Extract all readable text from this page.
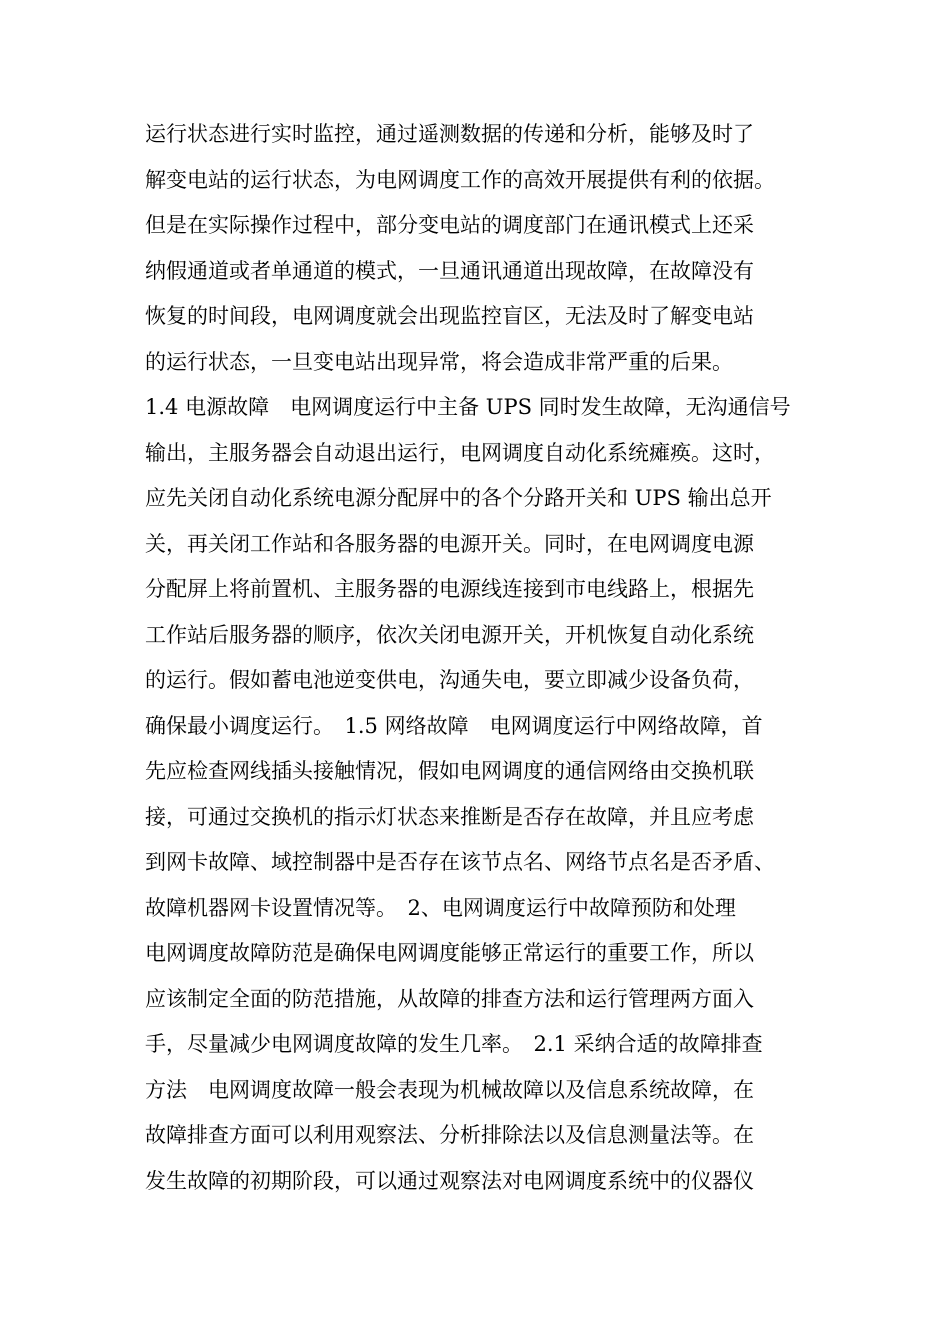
运行状态进行实时监控，通过遥测数据的传递和分析，能够及时了
解变电站的运行状态，为电网调度工作的高效开展提供有利的依据。
但是在实际操作过程中，部分变电站的调度部门在通讯模式上还采
纳假通道或者单通道的模式，一旦通讯通道出现故障，在故障没有
恢复的时间段，电网调度就会出现监控盲区，无法及时了解变电站
的运行状态，一旦变电站出现异常，将会造成非常严重的后果。
1.4 电源故障　电网调度运行中主备 UPS 同时发生故障，无沟通信号
输出，主服务器会自动退出运行，电网调度自动化系统瘫痪。这时，
应先关闭自动化系统电源分配屏中的各个分路开关和 UPS 输出总开
关，再关闭工作站和各服务器的电源开关。同时，在电网调度电源
分配屏上将前置机、主服务器的电源线连接到市电线路上，根据先
工作站后服务器的顺序，依次关闭电源开关，开机恢复自动化系统
的运行。假如蓄电池逆变供电，沟通失电，要立即减少设备负荷，
确保最小调度运行。　1.5 网络故障　电网调度运行中网络故障，首
先应检查网线插头接触情况，假如电网调度的通信网络由交换机联
接，可通过交换机的指示灯状态来推断是否存在故障，并且应考虑
到网卡故障、域控制器中是否存在该节点名、网络节点名是否矛盾、
故障机器网卡设置情况等。　2、电网调度运行中故障预防和处理
电网调度故障防范是确保电网调度能够正常运行的重要工作，所以
应该制定全面的防范措施，从故障的排查方法和运行管理两方面入
手，尽量减少电网调度故障的发生几率。　2.1 采纳合适的故障排查
方法　电网调度故障一般会表现为机械故障以及信息系统故障，在
故障排查方面可以利用观察法、分析排除法以及信息测量法等。在
发生故障的初期阶段，可以通过观察法对电网调度系统中的仪器仪
